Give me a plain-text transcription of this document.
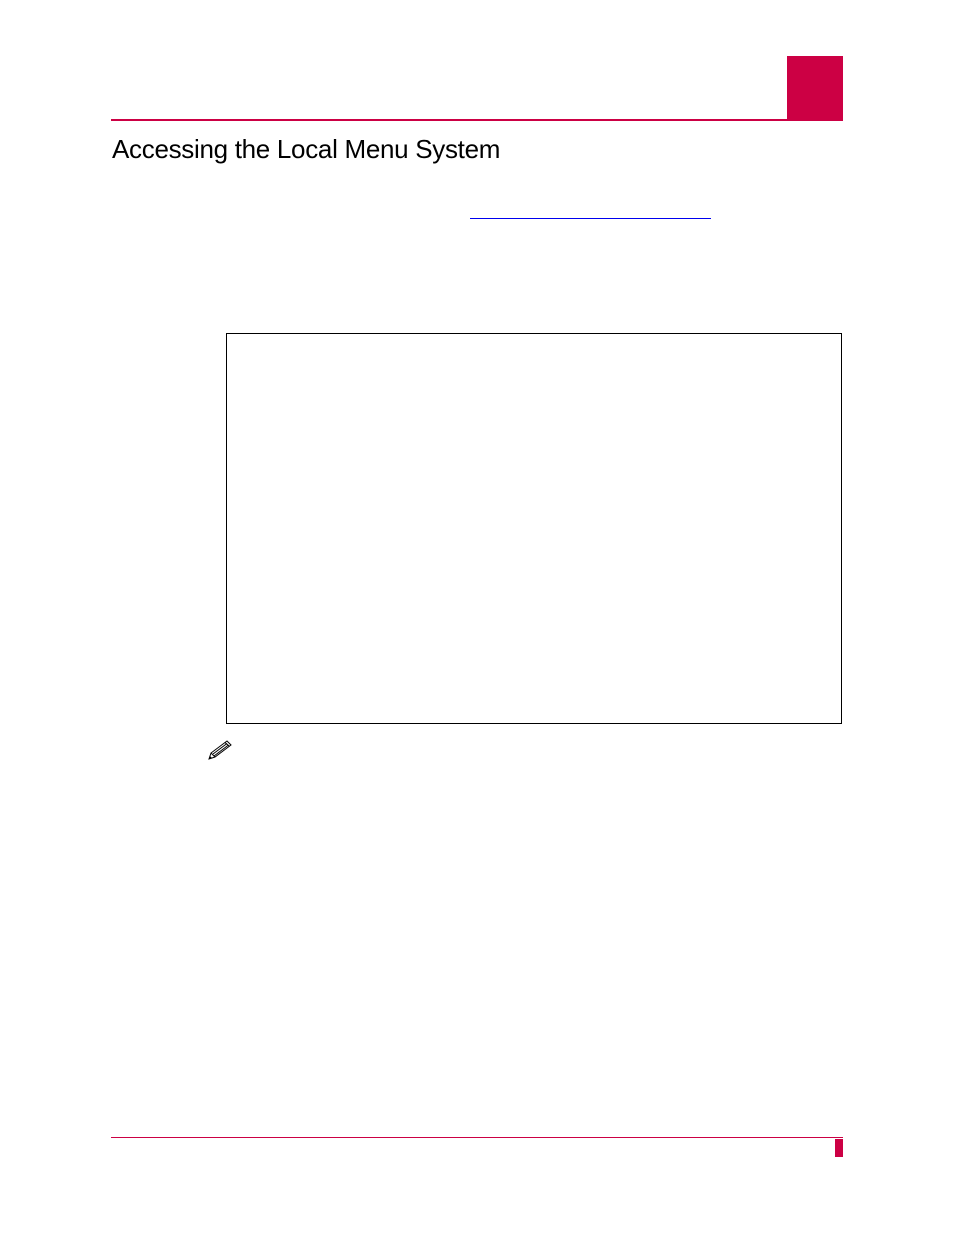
Accessing the Local Menu System
